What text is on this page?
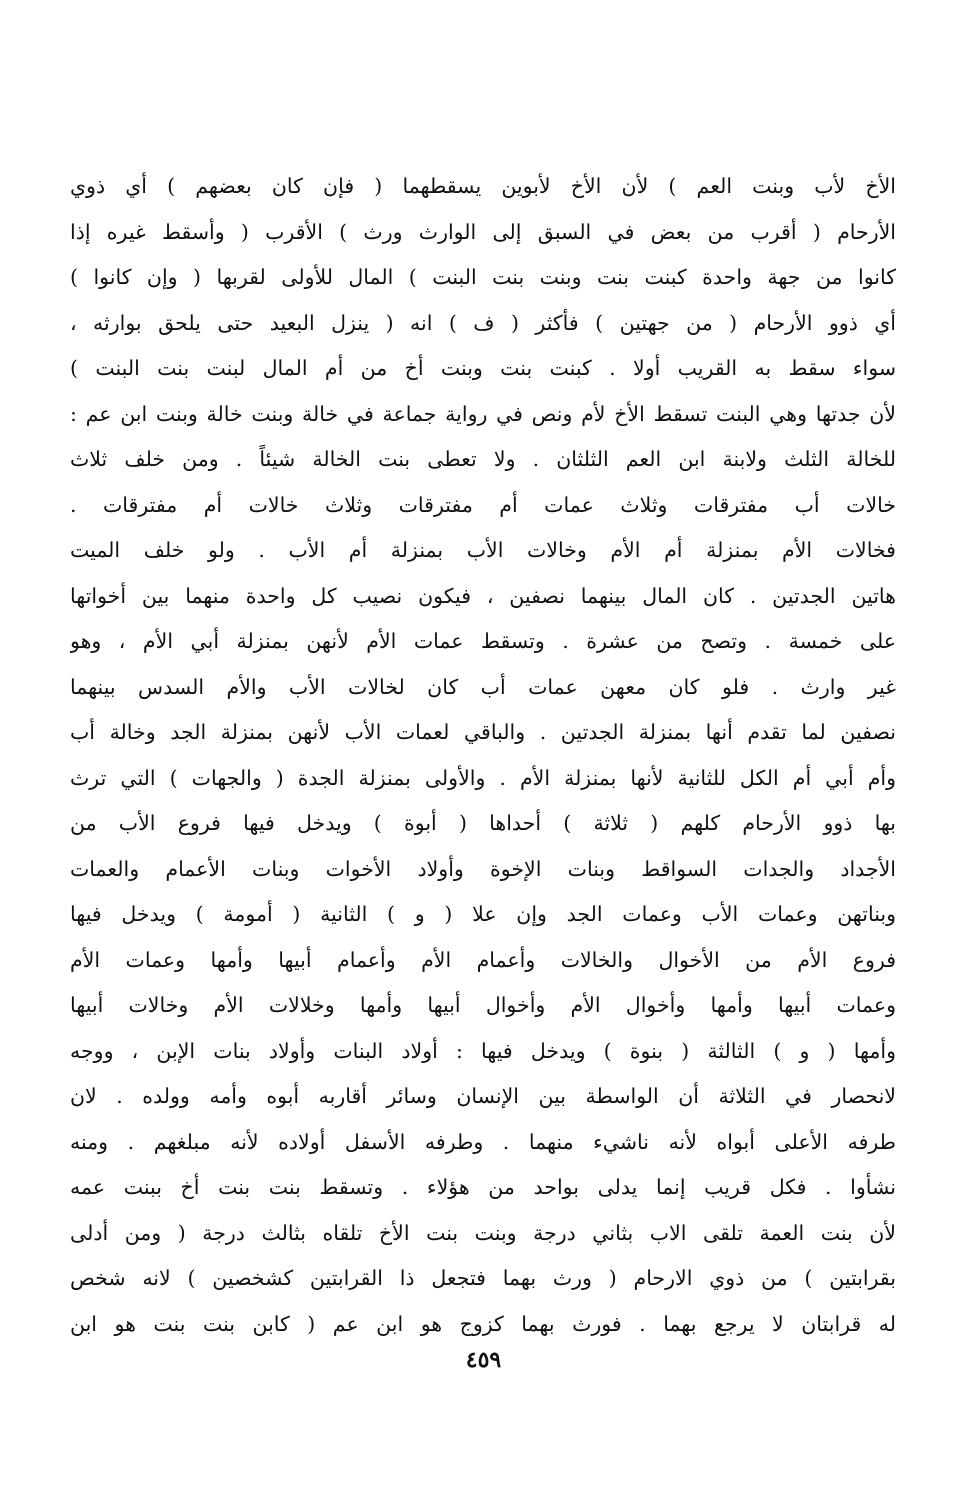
الأخ لأب وبنت العم ) لأن الأخ لأبوين يسقطهما ( فإن كان بعضهم ) أي ذوي
الأرحام ( أقرب من بعض في السبق إلى الوارث ورث ) الأقرب ( وأسقط غيره إذا
كانوا من جهة واحدة كبنت بنت وبنت بنت البنت ) المال للأولى لقربها ( وإن كانوا )
أي ذوو الأرحام ( من جهتين ) فأكثر ( ف ) انه ( ينزل البعيد حتى يلحق بوارثه ،
سواء سقط به القريب أولا . كبنت بنت وبنت أخ من أم المال لبنت بنت البنت )
لأن جدتها وهي البنت تسقط الأخ لأم ونص في رواية جماعة في خالة وبنت خالة وبنت ابن عم :
للخالة الثلث ولابنة ابن العم الثلثان . ولا تعطى بنت الخالة شيئاً . ومن خلف ثلاث
خالات أب مفترقات وثلاث عمات أم مفترقات وثلاث خالات أم مفترقات .
فخالات الأم بمنزلة أم الأم وخالات الأب بمنزلة أم الأب . ولو خلف الميت
هاتين الجدتين . كان المال بينهما نصفين ، فيكون نصيب كل واحدة منهما بين أخواتها
على خمسة . وتصح من عشرة . وتسقط عمات الأم لأنهن بمنزلة أبي الأم ، وهو
غير وارث . فلو كان معهن عمات أب كان لخالات الأب والأم السدس بينهما
نصفين لما تقدم أنها بمنزلة الجدتين . والباقي لعمات الأب لأنهن بمنزلة الجد وخالة أب
وأم أبي أم الكل للثانية لأنها بمنزلة الأم . والأولى بمنزلة الجدة ( والجهات ) التي ترث
بها ذوو الأرحام كلهم ( ثلاثة ) أحداها ( أبوة ) ويدخل فيها فروع الأب من
الأجداد والجدات السواقط وبنات الإخوة وأولاد الأخوات وبنات الأعمام والعمات
وبناتهن وعمات الأب وعمات الجد وإن علا ( و ) الثانية ( أمومة ) ويدخل فيها
فروع الأم من الأخوال والخالات وأعمام الأم وأعمام أبيها وأمها وعمات الأم
وعمات أبيها وأمها وأخوال الأم وأخوال أبيها وأمها وخلالات الأم وخالات أبيها
وأمها ( و ) الثالثة ( بنوة ) ويدخل فيها : أولاد البنات وأولاد بنات الإبن ، ووجه
لانحصار في الثلاثة أن الواسطة بين الإنسان وسائر أقاربه أبوه وأمه وولده . لان
طرفه الأعلى أبواه لأنه ناشيء منهما . وطرفه الأسفل أولاده لأنه مبلغهم . ومنه
نشأوا . فكل قريب إنما يدلى بواحد من هؤلاء . وتسقط بنت بنت أخ ببنت عمه
لأن بنت العمة تلقى الاب بثاني درجة وبنت بنت الأخ تلقاه بثالث درجة ( ومن أدلى
بقرابتين ) من ذوي الارحام ( ورث بهما فتجعل ذا القرابتين كشخصين ) لانه شخص
له قرابتان لا يرجع بهما . فورث بهما كزوج هو ابن عم ( كابن بنت بنت هو ابن
٤٥٩
